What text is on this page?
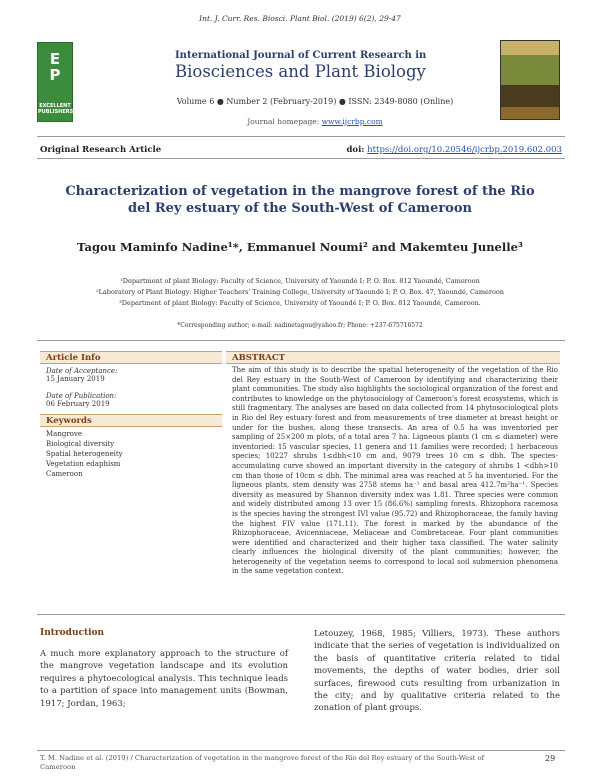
Int. J. Curr. Res. Biosci. Plant Biol. (2019) 6(2), 29-47
E
P
EXCELLENT PUBLISHERS
International Journal of Current Research in
Biosciences and Plant Biology
Volume 6 ● Number 2 (February-2019) ● ISSN: 2349-8080 (Online)
Journal homepage: www.ijcrbp.com
Original Research Article	doi: https://doi.org/10.20546/ijcrbp.2019.602.003
Characterization of vegetation in the mangrove forest of the Rio del Rey estuary of the South-West of Cameroon
Tagou Maminfo Nadine¹*, Emmanuel Noumi² and Makemteu Junelle³
¹Department of plant Biology: Faculty of Science, University of Yaoundé I; P. O. Box. 812 Yaoundé, Cameroon
²Laboratory of Plant Biology: Higher Teachers' Training College, University of Yaoundé I; P. O. Box. 47, Yaoundé, Cameroon
³Department of plant Biology: Faculty of Science, University of Yaoundé I; P. O. Box. 812 Yaoundé, Cameroon.
*Corresponding author; e-mail: nadinetagou@yahoo.fr; Phone: +237-675716572
Article Info
Date of Acceptance:
15 January 2019
Date of Publication:
06 February 2019
Keywords
Mangrove
Biological diversity
Spatial heterogeneity
Vegetation edaphism
Cameroon
ABSTRACT
The aim of this study is to describe the spatial heterogeneity of the vegetation of the Rio del Rey estuary in the South-West of Cameroon by identifying and characterizing their plant communities. The study also highlights the sociological organization of the forest and contributes to knowledge on the phytosociology of Cameroon's forest ecosystems, which is still fragmentary. The analyses are based on data collected from 14 phytosociological plots in Rio del Rey estuary forest and from measurements of tree diameter at breast height or under for the bushes, along these transects. An area of 0.5 ha was inventoried per sampling of 25×200 m plots, of a total area 7 ha. Ligneous plants (1 cm ≤ diameter) were inventoried: 15 vascular species, 11 genera and 11 families were recorded; 1 herbaceous species; 10227 shrubs 1≤dbh<10 cm and, 9079 trees 10 cm ≤ dbh. The species-accumulating curve showed an important diversity in the category of shrubs 1 <dbh>10 cm than those of 10cm ≤ dbh. The minimal area was reached at 5 ha inventoried. For the ligneous plants, stem density was 2758 stems ha⁻¹ and basal area 412.7m²ha⁻¹. Species diversity as measured by Shannon diversity index was 1.81. Three species were common and widely distributed among 13 over 15 (86.6%) sampling forests. Rhizophora racemosa is the species having the strongest IVI value (95.72) and Rhizophoraceae, the family having the highest FIV value (171.11). The forest is marked by the abundance of the Rhizophoraceae, Avicenniaceae, Meliaceae and Combretaceae. Four plant communities were identified and characterized and their higher taxa classified. The water salinity clearly influences the biological diversity of the plant communities; however, the heterogeneity of the vegetation seems to correspond to local soil submersion phenomena in the same vegetation context.
Introduction
A much more explanatory approach to the structure of the mangrove vegetation landscape and its evolution requires a phytoecological analysis. This technique leads to a partition of space into management units (Bowman, 1917; Jordan, 1963;
Letouzey, 1968, 1985; Villiers, 1973). These authors indicate that the series of vegetation is individualized on the basis of quantitative criteria related to tidal movements, the depths of water bodies, drier soil surfaces, firewood cuts resulting from urbanization in the city; and by qualitative criteria related to the zonation of plant groups.
T. M. Nadine et al. (2019) / Characterization of vegetation in the mangrove forest of the Rio del Rey estuary of the South-West of Cameroon
29
